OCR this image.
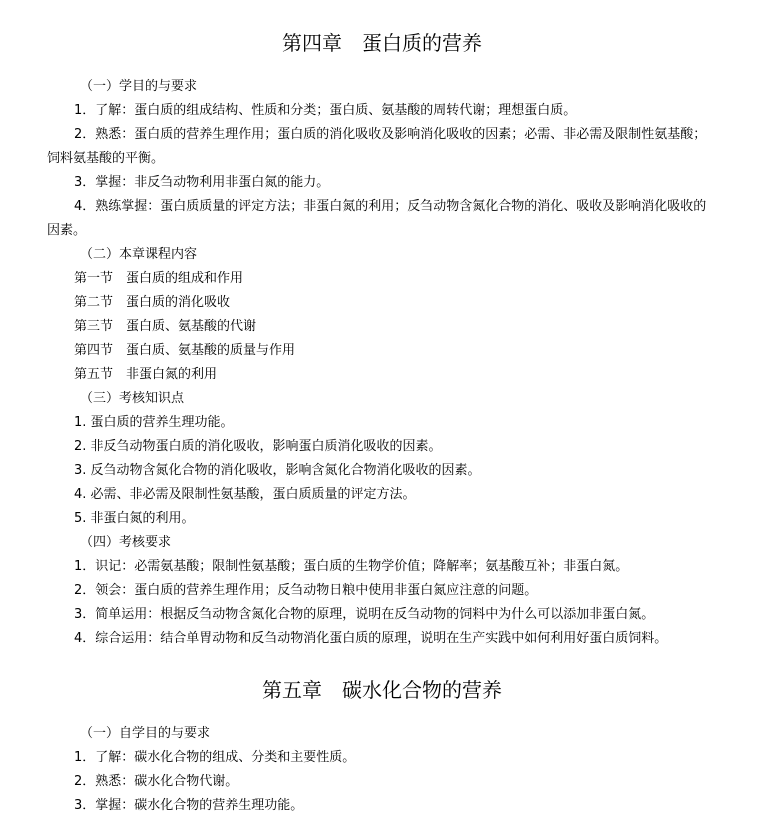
第四章　蛋白质的营养
（一）学目的与要求
1．了解：蛋白质的组成结构、性质和分类；蛋白质、氨基酸的周转代谢；理想蛋白质。
2．熟悉：蛋白质的营养生理作用；蛋白质的消化吸收及影响消化吸收的因素；必需、非必需及限制性氨基酸；
饲料氨基酸的平衡。
3．掌握：非反刍动物利用非蛋白氮的能力。
4．熟练掌握：蛋白质质量的评定方法；非蛋白氮的利用；反刍动物含氮化合物的消化、吸收及影响消化吸收的
因素。
（二）本章课程内容
第一节　蛋白质的组成和作用
第二节　蛋白质的消化吸收
第三节　蛋白质、氨基酸的代谢
第四节　蛋白质、氨基酸的质量与作用
第五节　非蛋白氮的利用
（三）考核知识点
1. 蛋白质的营养生理功能。
2. 非反刍动物蛋白质的消化吸收，影响蛋白质消化吸收的因素。
3. 反刍动物含氮化合物的消化吸收，影响含氮化合物消化吸收的因素。
4. 必需、非必需及限制性氨基酸，蛋白质质量的评定方法。
5. 非蛋白氮的利用。
（四）考核要求
1．识记：必需氨基酸；限制性氨基酸；蛋白质的生物学价值；降解率；氨基酸互补；非蛋白氮。
2．领会：蛋白质的营养生理作用；反刍动物日粮中使用非蛋白氮应注意的问题。
3．简单运用：根据反刍动物含氮化合物的原理，说明在反刍动物的饲料中为什么可以添加非蛋白氮。
4．综合运用：结合单胃动物和反刍动物消化蛋白质的原理，说明在生产实践中如何利用好蛋白质饲料。
第五章　碳水化合物的营养
（一）自学目的与要求
1．了解：碳水化合物的组成、分类和主要性质。
2．熟悉：碳水化合物代谢。
3．掌握：碳水化合物的营养生理功能。
